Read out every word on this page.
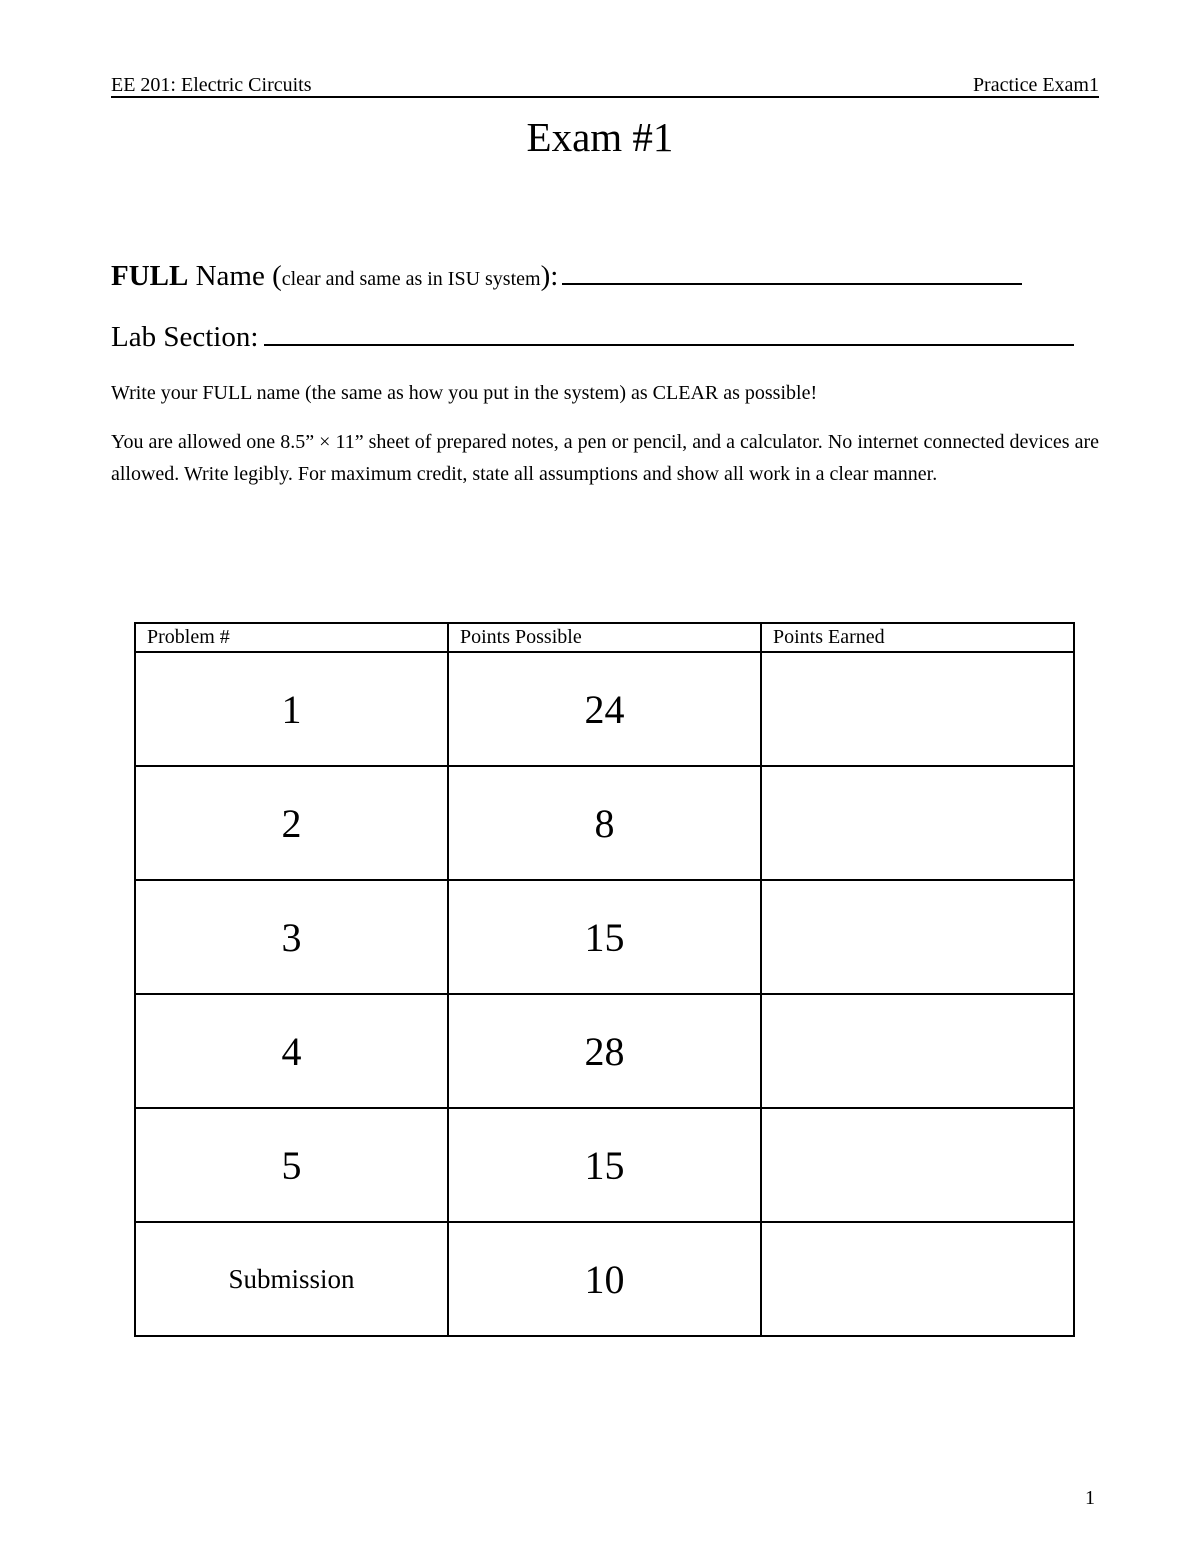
EE 201: Electric Circuits	Practice Exam1
Exam #1
FULL Name (clear and same as in ISU system):
Lab Section:
Write your FULL name (the same as how you put in the system) as CLEAR as possible!
You are allowed one 8.5” × 11” sheet of prepared notes, a pen or pencil, and a calculator. No internet connected devices are allowed. Write legibly. For maximum credit, state all assumptions and show all work in a clear manner.
Problem #	Points Possible	Points Earned
1	24	
2	8	
3	15	
4	28	
5	15	
Submission	10	
1
